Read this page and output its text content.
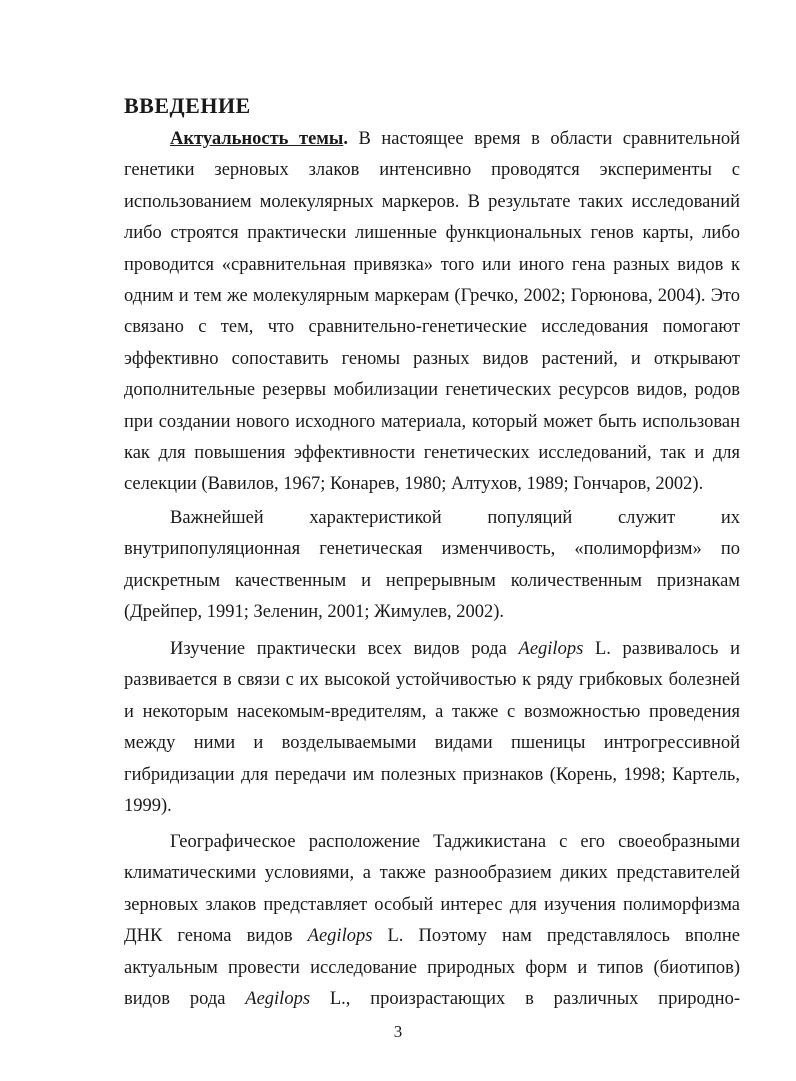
ВВЕДЕНИЕ
Актуальность темы. В настоящее время в области сравнительной генетики зерновых злаков интенсивно проводятся эксперименты с использованием молекулярных маркеров. В результате таких исследований либо строятся практически лишенные функциональных генов карты, либо проводится «сравнительная привязка» того или иного гена разных видов к одним и тем же молекулярным маркерам (Гречко, 2002; Горюнова, 2004). Это связано с тем, что сравнительно-генетические исследования помогают эффективно сопоставить геномы разных видов растений, и открывают дополнительные резервы мобилизации генетических ресурсов видов, родов при создании нового исходного материала, который может быть использован как для повышения эффективности генетических исследований, так и для селекции (Вавилов, 1967; Конарев, 1980; Алтухов, 1989; Гончаров, 2002).
Важнейшей характеристикой популяций служит их внутрипопуляционная генетическая изменчивость, «полиморфизм» по дискретным качественным и непрерывным количественным признакам (Дрейпер, 1991; Зеленин, 2001; Жимулев, 2002).
Изучение практически всех видов рода Aegilops L. развивалось и развивается в связи с их высокой устойчивостью к ряду грибковых болезней и некоторым насекомым-вредителям, а также с возможностью проведения между ними и возделываемыми видами пшеницы интрогрессивной гибридизации для передачи им полезных признаков (Корень, 1998; Картель, 1999).
Географическое расположение Таджикистана с его своеобразными климатическими условиями, а также разнообразием диких представителей зерновых злаков представляет особый интерес для изучения полиморфизма ДНК генома видов Aegilops L. Поэтому нам представлялось вполне актуальным провести исследование природных форм и типов (биотипов) видов рода Aegilops L., произрастающих в различных природно-
3
